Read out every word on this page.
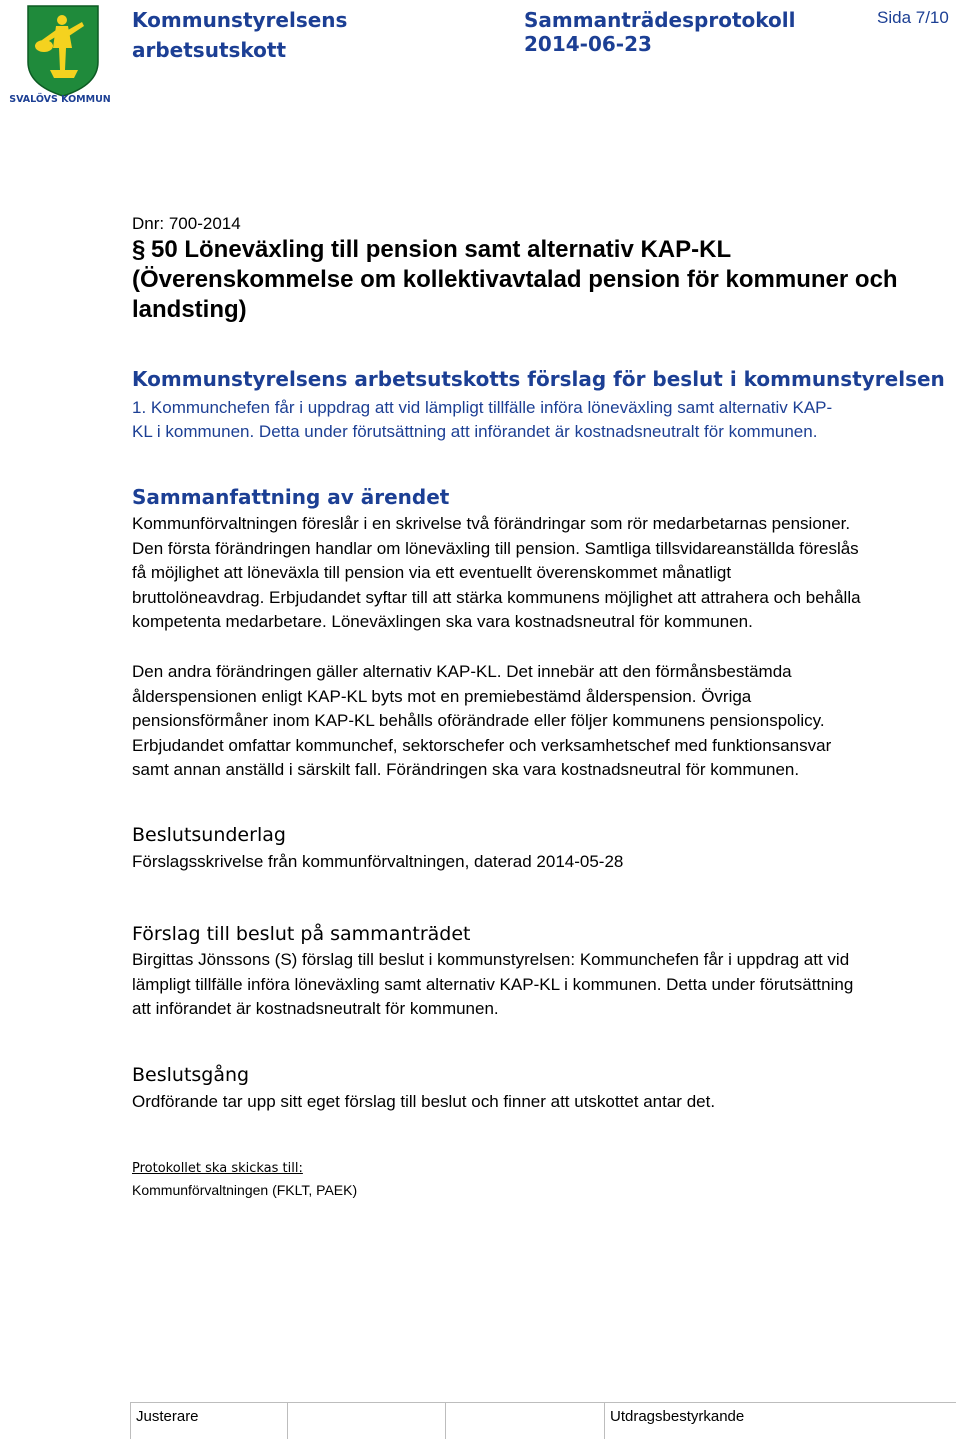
SVALÖVS KOMMUN
Kommunstyrelsens
arbetsutskott
Sammanträdesprotokoll
2014-06-23
Sida 7/10
Dnr: 700-2014
§ 50 Löneväxling till pension samt alternativ KAP-KL
(Överenskommelse om kollektivavtalad pension för kommuner och
landsting)
Kommunstyrelsens arbetsutskotts förslag för beslut i kommunstyrelsen
1. Kommunchefen får i uppdrag att vid lämpligt tillfälle införa löneväxling samt alternativ KAP-
KL i kommunen. Detta under förutsättning att införandet är kostnadsneutralt för kommunen.
Sammanfattning av ärendet
Kommunförvaltningen föreslår i en skrivelse två förändringar som rör medarbetarnas pensioner.
Den första förändringen handlar om löneväxling till pension. Samtliga tillsvidareanställda föreslås
få möjlighet att löneväxla till pension via ett eventuellt överenskommet månatligt
bruttolöneavdrag. Erbjudandet syftar till att stärka kommunens möjlighet att attrahera och behålla
kompetenta medarbetare. Löneväxlingen ska vara kostnadsneutral för kommunen.
Den andra förändringen gäller alternativ KAP-KL. Det innebär att den förmånsbestämda
ålderspensionen enligt KAP-KL byts mot en premiebestämd ålderspension. Övriga
pensionsförmåner inom KAP-KL behålls oförändrade eller följer kommunens pensionspolicy.
Erbjudandet omfattar kommunchef, sektorschefer och verksamhetschef med funktionsansvar
samt annan anställd i särskilt fall. Förändringen ska vara kostnadsneutral för kommunen.
Beslutsunderlag
Förslagsskrivelse från kommunförvaltningen, daterad 2014-05-28
Förslag till beslut på sammanträdet
Birgittas Jönssons (S) förslag till beslut i kommunstyrelsen: Kommunchefen får i uppdrag att vid
lämpligt tillfälle införa löneväxling samt alternativ KAP-KL i kommunen. Detta under förutsättning
att införandet är kostnadsneutralt för kommunen.
Beslutsgång
Ordförande tar upp sitt eget förslag till beslut och finner att utskottet antar det.
Protokollet ska skickas till:
Kommunförvaltningen (FKLT, PAEK)
Justerare	Utdragsbestyrkande
